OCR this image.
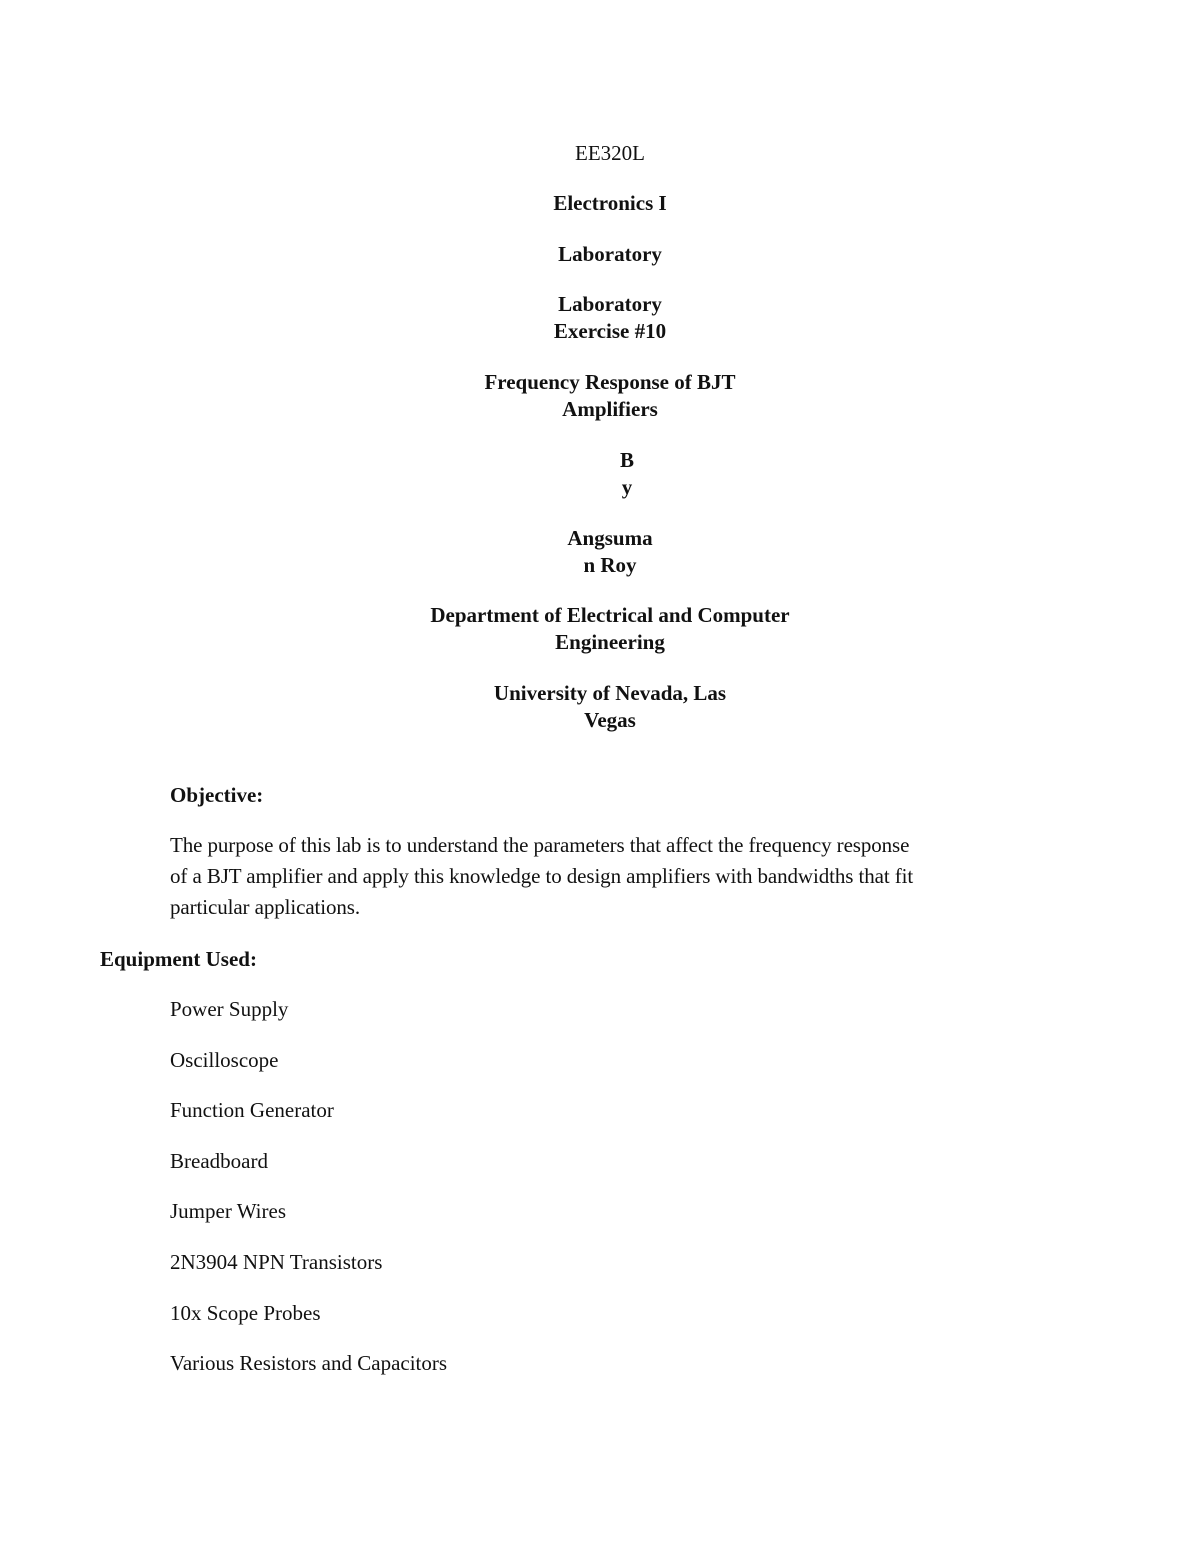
EE320L
Electronics I
Laboratory
Laboratory
Exercise #10
Frequency Response of BJT
Amplifiers
B
y
Angsuma
n Roy
Department of Electrical and Computer
Engineering
University of Nevada, Las
Vegas
Objective:
The purpose of this lab is to understand the parameters that affect the frequency response
of a BJT amplifier and apply this knowledge to design amplifiers with bandwidths that fit
particular applications.
Equipment Used:
Power Supply
Oscilloscope
Function Generator
Breadboard
Jumper Wires
2N3904 NPN Transistors
10x Scope Probes
Various Resistors and Capacitors
